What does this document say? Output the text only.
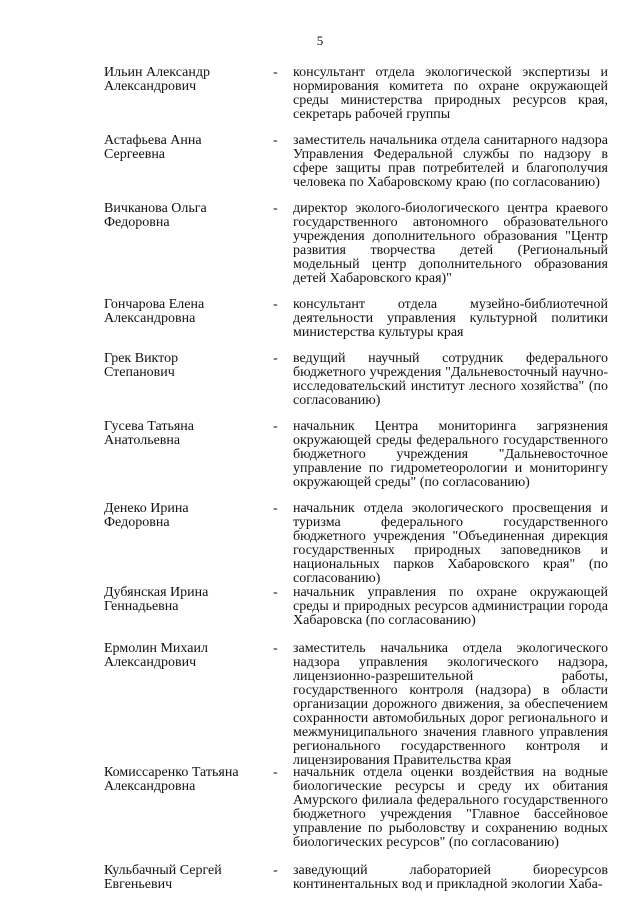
5
Ильин Александр
Александрович
- консультант отдела экологической экспертизы и нормирования комитета по охране окружающей среды министерства природных ресурсов края, секретарь рабочей группы
Астафьева Анна
Сергеевна
- заместитель начальника отдела санитарного надзора Управления Федеральной службы по надзору в сфере защиты прав потребителей и благополучия человека по Хабаровскому краю (по согласованию)
Вичканова Ольга
Федоровна
- директор эколого-биологического центра краевого государственного автономного образовательного учреждения дополнительного образования "Центр развития творчества детей (Региональный модельный центр дополнительного образования детей Хабаровского края)"
Гончарова Елена
Александровна
- консультант отдела музейно-библиотечной деятельности управления культурной политики министерства культуры края
Грек Виктор
Степанович
- ведущий научный сотрудник федерального бюджетного учреждения "Дальневосточный научно-исследовательский институт лесного хозяйства" (по согласованию)
Гусева Татьяна
Анатольевна
- начальник Центра мониторинга загрязнения окружающей среды федерального государственного бюджетного учреждения "Дальневосточное управление по гидрометеорологии и мониторингу окружающей среды" (по согласованию)
Денеко Ирина
Федоровна
- начальник отдела экологического просвещения и туризма федерального государственного бюджетного учреждения "Объединенная дирекция государственных природных заповедников и национальных парков Хабаровского края" (по согласованию)
Дубянская Ирина
Геннадьевна
- начальник управления по охране окружающей среды и природных ресурсов администрации города Хабаровска (по согласованию)
Ермолин Михаил
Александрович
- заместитель начальника отдела экологического надзора управления экологического надзора, лицензионно-разрешительной работы, государственного контроля (надзора) в области организации дорожного движения, за обеспечением сохранности автомобильных дорог регионального и межмуниципального значения главного управления регионального государственного контроля и лицензирования Правительства края
Комиссаренко Татьяна
Александровна
- начальник отдела оценки воздействия на водные биологические ресурсы и среду их обитания Амурского филиала федерального государственного бюджетного учреждения "Главное бассейновое управление по рыболовству и сохранению водных биологических ресурсов" (по согласованию)
Кульбачный Сергей
Евгеньевич
- заведующий лабораторией биоресурсов континентальных вод и прикладной экологии Хаба-
